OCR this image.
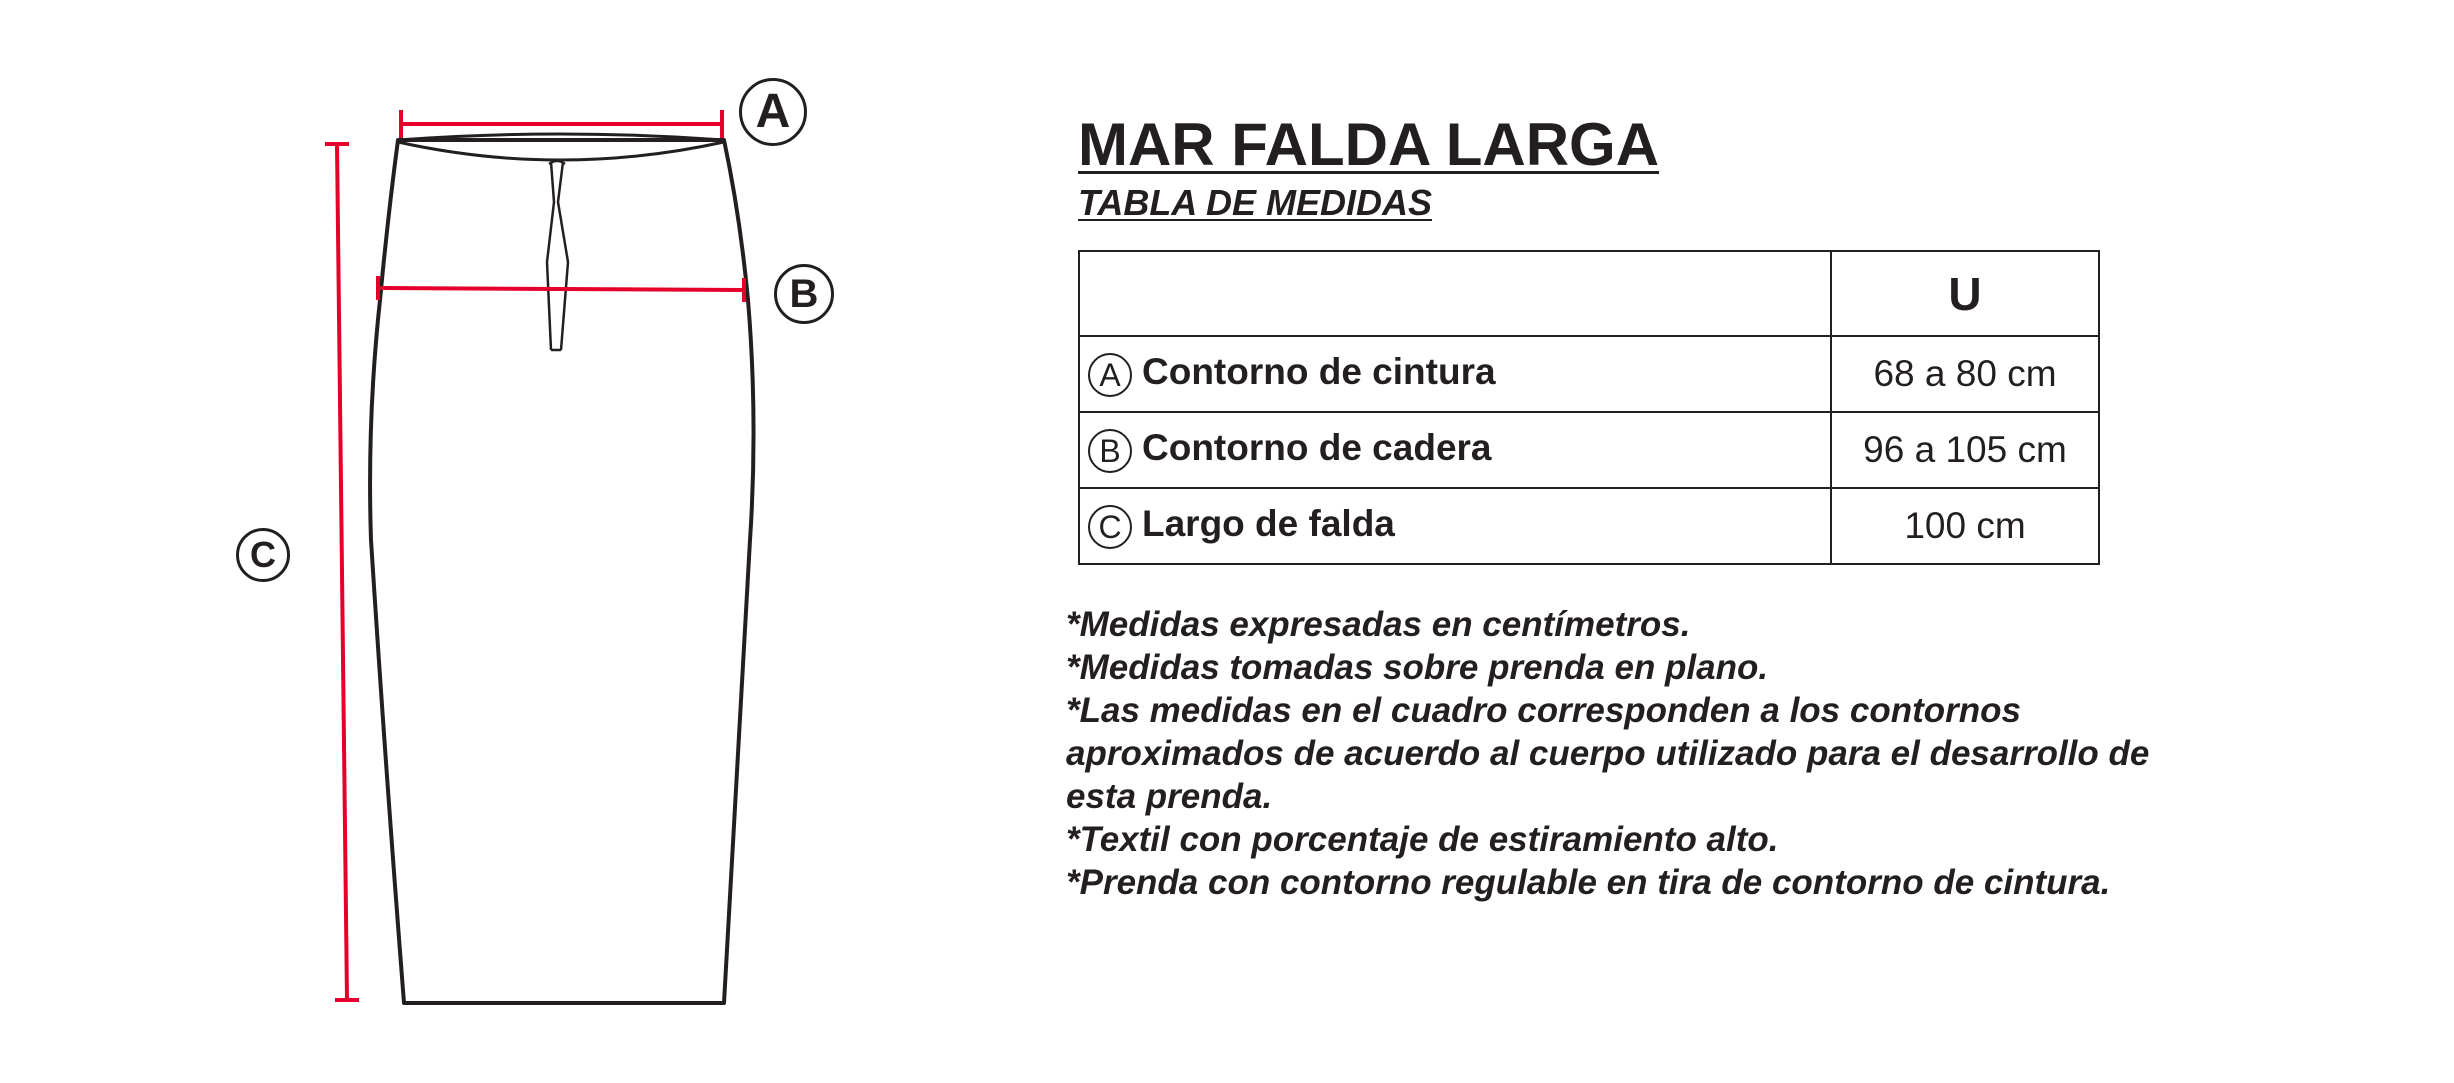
A
B
C
MAR FALDA LARGA
TABLA DE MEDIDAS
	U
A Contorno de cintura	68 a 80 cm
B Contorno de cadera	96 a 105 cm
C Largo de falda	100 cm
*Medidas expresadas en centímetros.
*Medidas tomadas sobre prenda en plano.
*Las medidas en el cuadro corresponden a los contornos aproximados de acuerdo al cuerpo utilizado para el desarrollo de esta prenda.
*Textil con porcentaje de estiramiento alto.
*Prenda con contorno regulable en tira de contorno de cintura.
